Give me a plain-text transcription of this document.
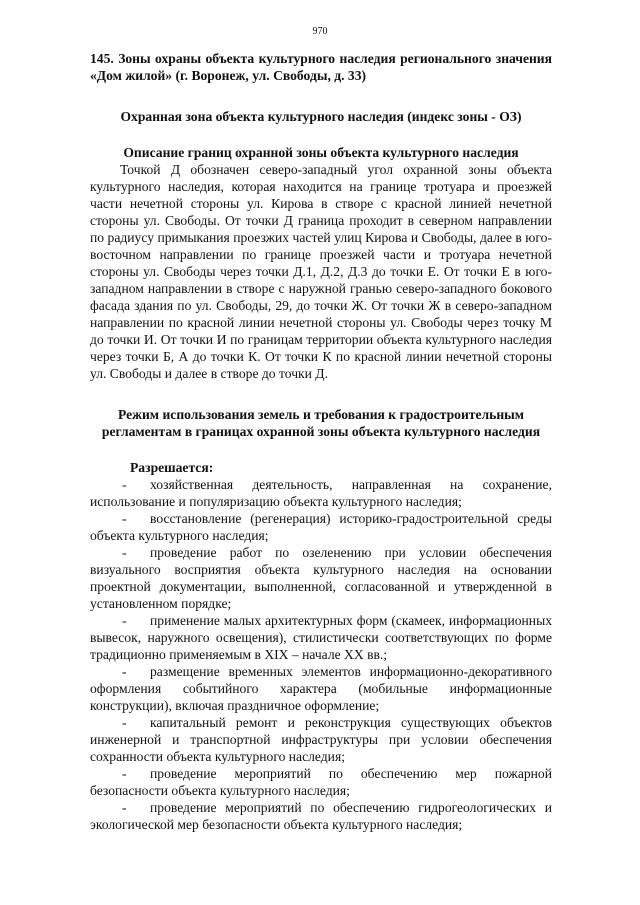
970
145. Зоны охраны объекта культурного наследия регионального значения
«Дом жилой» (г. Воронеж, ул. Свободы, д. 33)
Охранная зона объекта культурного наследия (индекс зоны - ОЗ)
Описание границ охранной зоны объекта культурного наследия

Точкой Д обозначен северо-западный угол охранной зоны объекта культурного наследия, которая находится на границе тротуара и проезжей части нечетной стороны ул. Кирова в створе с красной линией нечетной стороны ул. Свободы. От точки Д граница проходит в северном направлении по радиусу примыкания проезжих частей улиц Кирова и Свободы, далее в юго-восточном направлении по границе проезжей части и тротуара нечетной стороны ул. Свободы через точки Д.1, Д.2, Д.3 до точки Е. От точки Е в юго-западном направлении в створе с наружной гранью северо-западного бокового фасада здания по ул. Свободы, 29, до точки Ж. От точки Ж в северо-западном направлении по красной линии нечетной стороны ул. Свободы через точку М до точки И. От точки И по границам территории объекта культурного наследия через точки Б, А до точки К. От точки К по красной линии нечетной стороны ул. Свободы и далее в створе до точки Д.

Режим использования земель и требования к градостроительным
регламентам в границах охранной зоны объекта культурного наследия
Разрешается:

- хозяйственная деятельность, направленная на сохранение, использование и популяризацию объекта культурного наследия;

- восстановление (регенерация) историко-градостроительной среды объекта культурного наследия;

- проведение работ по озеленению при условии обеспечения визуального восприятия объекта культурного наследия на основании проектной документации, выполненной, согласованной и утвержденной в установленном порядке;

- применение малых архитектурных форм (скамеек, информационных вывесок, наружного освещения), стилистически соответствующих по форме традиционно применяемым в XIX – начале XX вв.;

- размещение временных элементов информационно-декоративного оформления событийного характера (мобильные информационные конструкции), включая праздничное оформление;

- капитальный ремонт и реконструкция существующих объектов инженерной и транспортной инфраструктуры при условии обеспечения сохранности объекта культурного наследия;

- проведение мероприятий по обеспечению мер пожарной безопасности объекта культурного наследия;

- проведение мероприятий по обеспечению гидрогеологических и экологической мер безопасности объекта культурного наследия;
